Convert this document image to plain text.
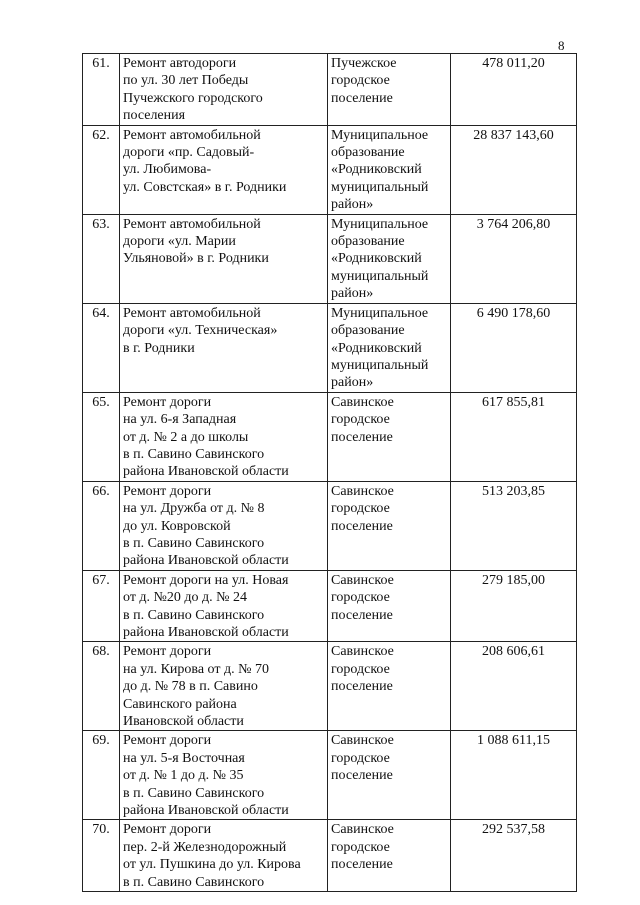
8
61.	Ремонт автодороги
по ул. 30 лет Победы
Пучежского городского
поселения	Пучежское
городское
поселение	478 011,20
62.	Ремонт автомобильной
дороги «пр. Садовый-
ул. Любимова-
ул. Совстская» в г. Родники	Муниципальное
образование
«Родниковский
муниципальный
район»	28 837 143,60
63.	Ремонт автомобильной
дороги «ул. Марии
Ульяновой» в г. Родники	Муниципальное
образование
«Родниковский
муниципальный
район»	3 764 206,80
64.	Ремонт автомобильной
дороги «ул. Техническая»
в г. Родники	Муниципальное
образование
«Родниковский
муниципальный
район»	6 490 178,60
65.	Ремонт дороги
на ул. 6-я Западная
от д. № 2 а до школы
в п. Савино Савинского
района Ивановской области	Савинское
городское
поселение	617 855,81
66.	Ремонт дороги
на ул. Дружба от д. № 8
до ул. Ковровской
в п. Савино Савинского
района Ивановской области	Савинское
городское
поселение	513 203,85
67.	Ремонт дороги на ул. Новая
от д. №20 до д. № 24
в п. Савино Савинского
района Ивановской области	Савинское
городское
поселение	279 185,00
68.	Ремонт дороги
на ул. Кирова от д. № 70
до д. № 78 в п. Савино
Савинского района
Ивановской области	Савинское
городское
поселение	208 606,61
69.	Ремонт дороги
на ул. 5-я Восточная
от д. № 1 до д. № 35
в п. Савино Савинского
района Ивановской области	Савинское
городское
поселение	1 088 611,15
70.	Ремонт дороги
пер. 2-й Железнодорожный
от ул. Пушкина до ул. Кирова
в п. Савино Савинского	Савинское
городское
поселение	292 537,58
